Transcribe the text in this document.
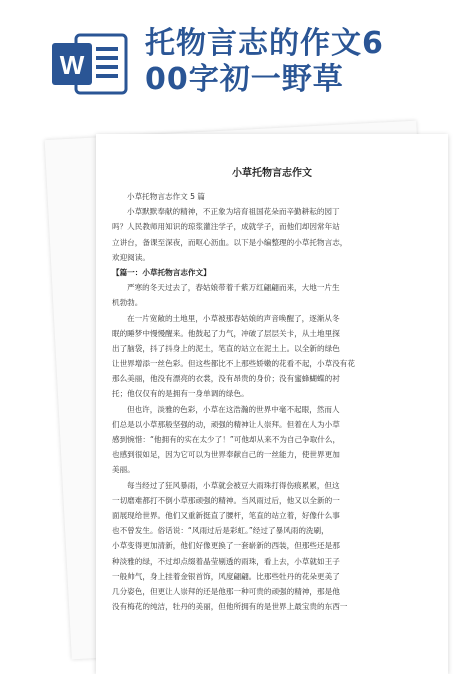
W
托物言志的作文6
00字初一野草
小草托物言志作文
小草托物言志作文 5 篇
小草默默奉献的精神，不正象为培育祖国花朵而辛勤耕耘的园丁
吗？人民教师用知识的琼浆灌注学子，成就学子，而他们却因常年站
立讲台，备课至深夜，而呕心沥血。以下是小编整理的小草托物言志，
欢迎阅读。
【篇一：小草托物言志作文】
严寒的冬天过去了，春姑娘带着千紫万红翩翩而来，大地一片生
机勃勃。
在一片宽敞的土地里，小草被那春姑娘的声音唤醒了，逐渐从冬
眠的睡梦中慢慢醒来。他鼓起了力气，冲破了层层关卡，从土地里探
出了脑袋，抖了抖身上的泥土，笔直的站立在泥土上。以全新的绿色
让世界增添一丝色彩。但这些都比不上那些娇嫩的花看不起，小草没有花
那么美丽，他没有漂亮的衣裳，没有昂贵的身价；没有蜜蜂蝴蝶的衬
托；他仅仅有的是拥有一身单调的绿色。
但也许，淡雅的色彩，小草在这浩瀚的世界中毫不起眼，然而人
们总是以小草那般坚强的动，顽强的精神让人崇拜。但着在人为小草
感到惋惜：“他拥有的实在太少了！”可他却从来不为自己争取什么，
也感到很如足，因为它可以为世界奉献自己的一丝能力，使世界更加
美丽。
每当经过了狂风暴雨，小草就会被豆大雨珠打得伤痕累累，但这
一切磨难都打不倒小草那顽强的精神。当风雨过后，他又以全新的一
面展现给世界。他们又重新挺直了腰杆，笔直的站立着，好像什么事
也不曾发生。俗话说：“风雨过后是彩虹。”经过了暴风雨的洗刷，
小草变得更加清新，他们好像更换了一套崭新的西装，但那些还是那
种淡雅的绿，不过却点缀着晶莹剔透的雨珠，看上去，小草就如王子
一般帅气，身上挂着金银首饰，风度翩翩。比那些牡丹的花朵更美了
几分姿色，但更让人崇拜的还是他那一种可贵的顽强的精神，那是他
没有梅花的纯洁，牡丹的美丽，但他所拥有的是世界上最宝贵的东西一
